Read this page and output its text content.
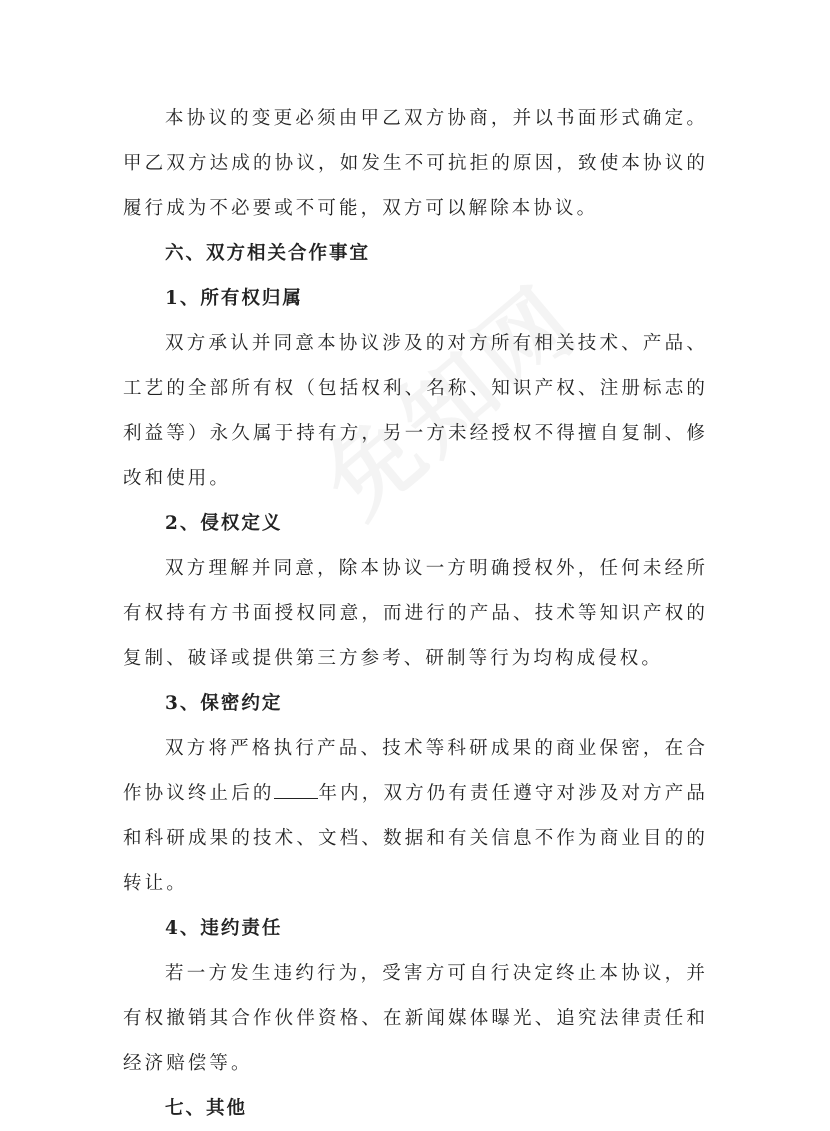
本协议的变更必须由甲乙双方协商，并以书面形式确定。甲乙双方达成的协议，如发生不可抗拒的原因，致使本协议的履行成为不必要或不可能，双方可以解除本协议。

六、双方相关合作事宜

1、所有权归属

双方承认并同意本协议涉及的对方所有相关技术、产品、工艺的全部所有权（包括权利、名称、知识产权、注册标志的利益等）永久属于持有方，另一方未经授权不得擅自复制、修改和使用。

2、侵权定义

双方理解并同意，除本协议一方明确授权外，任何未经所有权持有方书面授权同意，而进行的产品、技术等知识产权的复制、破译或提供第三方参考、研制等行为均构成侵权。

3、保密约定

双方将严格执行产品、技术等科研成果的商业保密，在合作协议终止后的 年内，双方仍有责任遵守对涉及对方产品和科研成果的技术、文档、数据和有关信息不作为商业目的的转让。

4、违约责任

若一方发生违约行为，受害方可自行决定终止本协议，并有权撤销其合作伙伴资格、在新闻媒体曝光、追究法律责任和经济赔偿等。

七、其他
